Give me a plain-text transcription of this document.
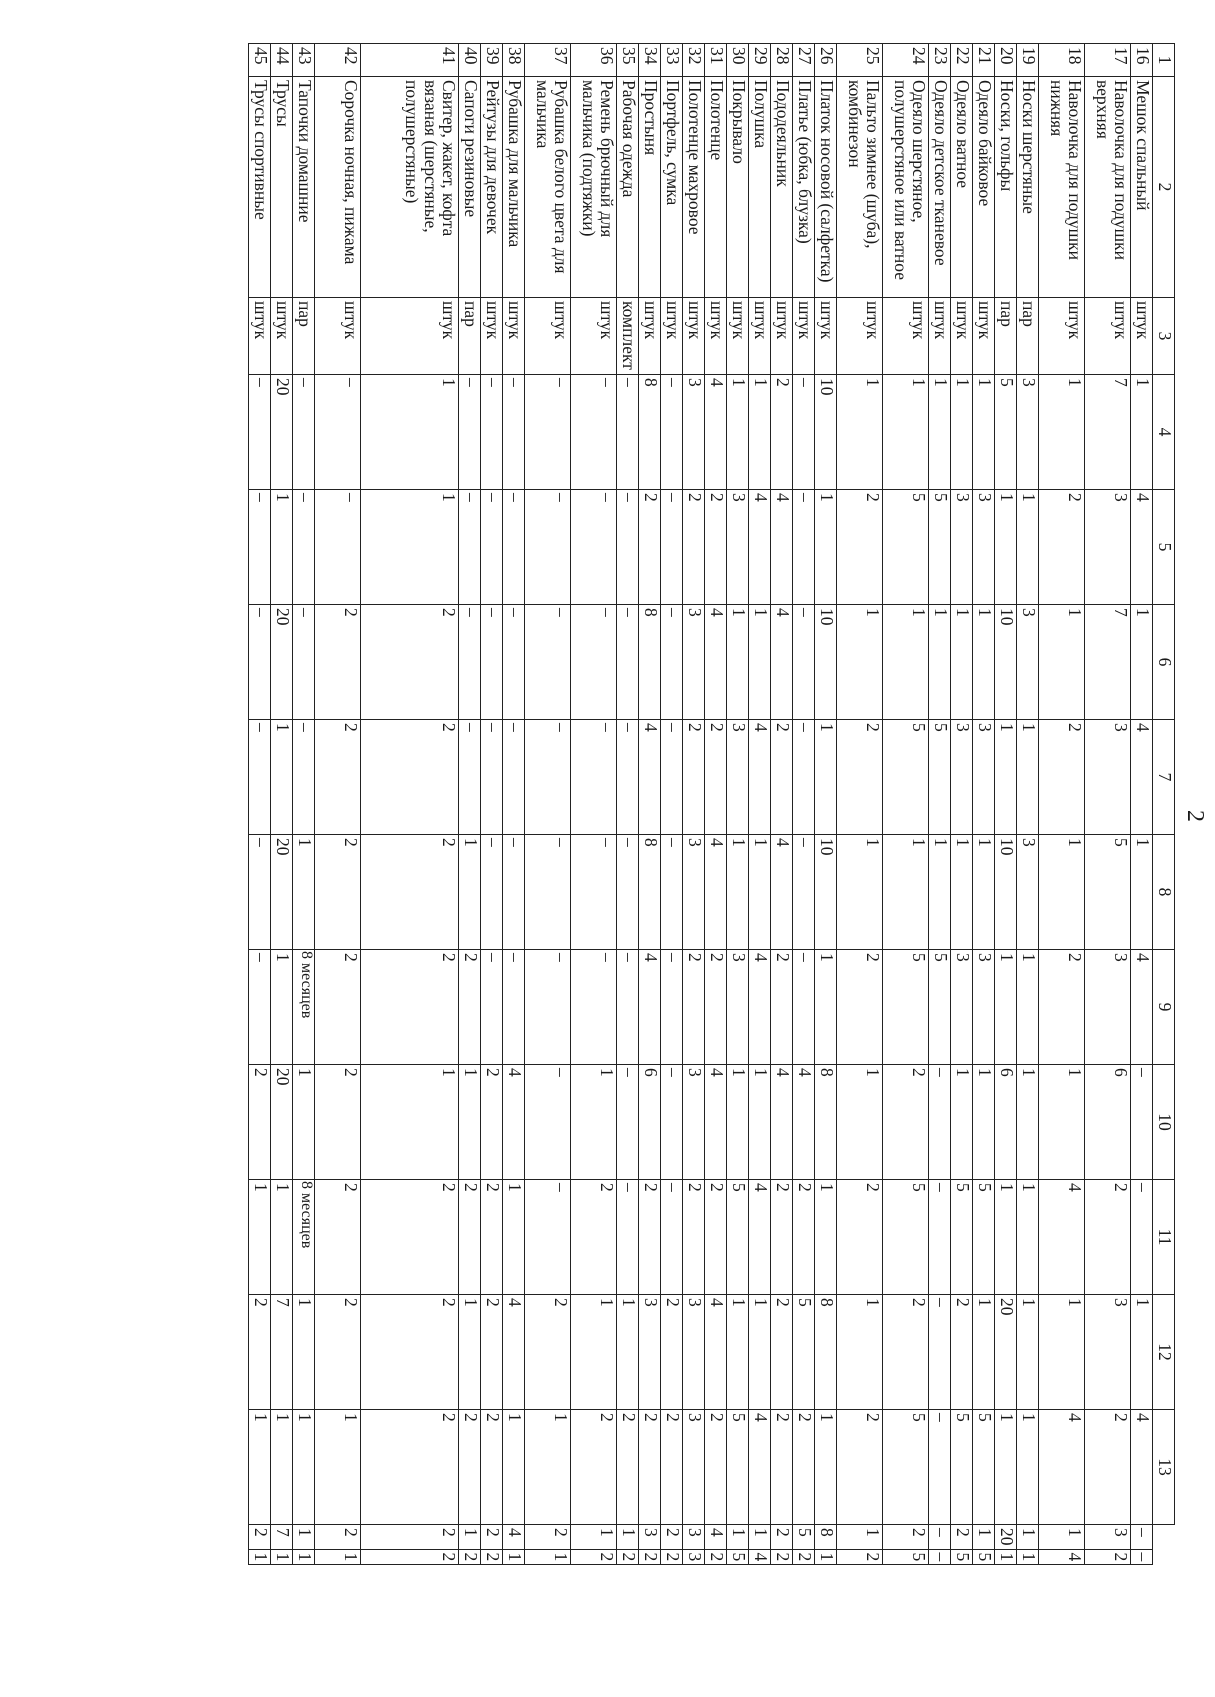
2
1	2	3	4	5	6	7	8	9	10	11	12	13		
16	Мешок спальный	штук	1	4	1	4	1	4	–	–	1	4	–	–
17	Наволочка для подушки верхняя	штук	7	3	7	3	5	3	6	2	3	2	3	2
18	Наволочка для подушки нижняя	штук	1	2	1	2	1	2	1	4	1	4	1	4
19	Носки шерстяные	пар	3	1	3	1	3	1	1	1	1	1	1	1
20	Носки, гольфы	пар	5	1	10	1	10	1	6	1	20	1	20	1
21	Одеяло байковое	штук	1	3	1	3	1	3	1	5	1	5	1	5
22	Одеяло ватное	штук	1	3	1	3	1	3	1	5	2	5	2	5
23	Одеяло детское тканевое	штук	1	5	1	5	1	5	–	–	–	–	–	–
24	Одеяло шерстяное, полушерстяное или ватное	штук	1	5	1	5	1	5	2	5	2	5	2	5
25	Пальто зимнее (шуба), комбинезон	штук	1	2	1	2	1	2	1	2	1	2	1	2
26	Платок носовой (салфетка)	штук	10	1	10	1	10	1	8	1	8	1	8	1
27	Платье (юбка, блузка)	штук	–	–	–	–	–	–	4	2	5	2	5	2
28	Пододеяльник	штук	2	4	4	2	4	2	4	2	2	2	2	2
29	Полушка	штук	1	4	1	4	1	4	1	4	1	4	1	4
30	Покрывало	штук	1	3	1	3	1	3	1	5	1	5	1	5
31	Полотенце	штук	4	2	4	2	4	2	4	2	4	2	4	2
32	Полотенце махровое	штук	3	2	3	2	3	2	3	2	3	3	3	3
33	Портфель, сумка	штук	–	–	–	–	–	–	–	–	2	2	2	2
34	Простыня	штук	8	2	8	4	8	4	6	2	3	2	3	2
35	Рабочая одежда	комплект	–	–	–	–	–	–	–	–	1	2	1	2
36	Ремень брючный для мальчика (подтяжки)	штук	–	–	–	–	–	–	1	2	1	2	1	2
37	Рубашка белого цвета для мальчика	штук	–	–	–	–	–	–	–	–	2	1	2	1
38	Рубашка для мальчика	штук	–	–	–	–	–	–	4	1	4	1	4	1
39	Рейтузы для девочек	штук	–	–	–	–	–	–	2	2	2	2	2	2
40	Сапоги резиновые	пар	–	–	–	–	1	2	1	2	1	2	1	2
41	Свитер, жакет, кофта вязаная (шерстяные, полушерстяные)	штук	1	1	2	2	2	2	1	2	2	2	2	2
42	Сорочка ночная, пижама	штук	–	–	2	2	2	2	2	2	2	1	2	1
43	Тапочки домашние	пар	–	–	–	–	1	8 месяцев	1	8 месяцев	1	1	1	1
44	Трусы	штук	20	1	20	1	20	1	20	1	7	1	7	1
45	Трусы спортивные	штук	–	–	–	–	–	–	2	1	2	1	2	1
